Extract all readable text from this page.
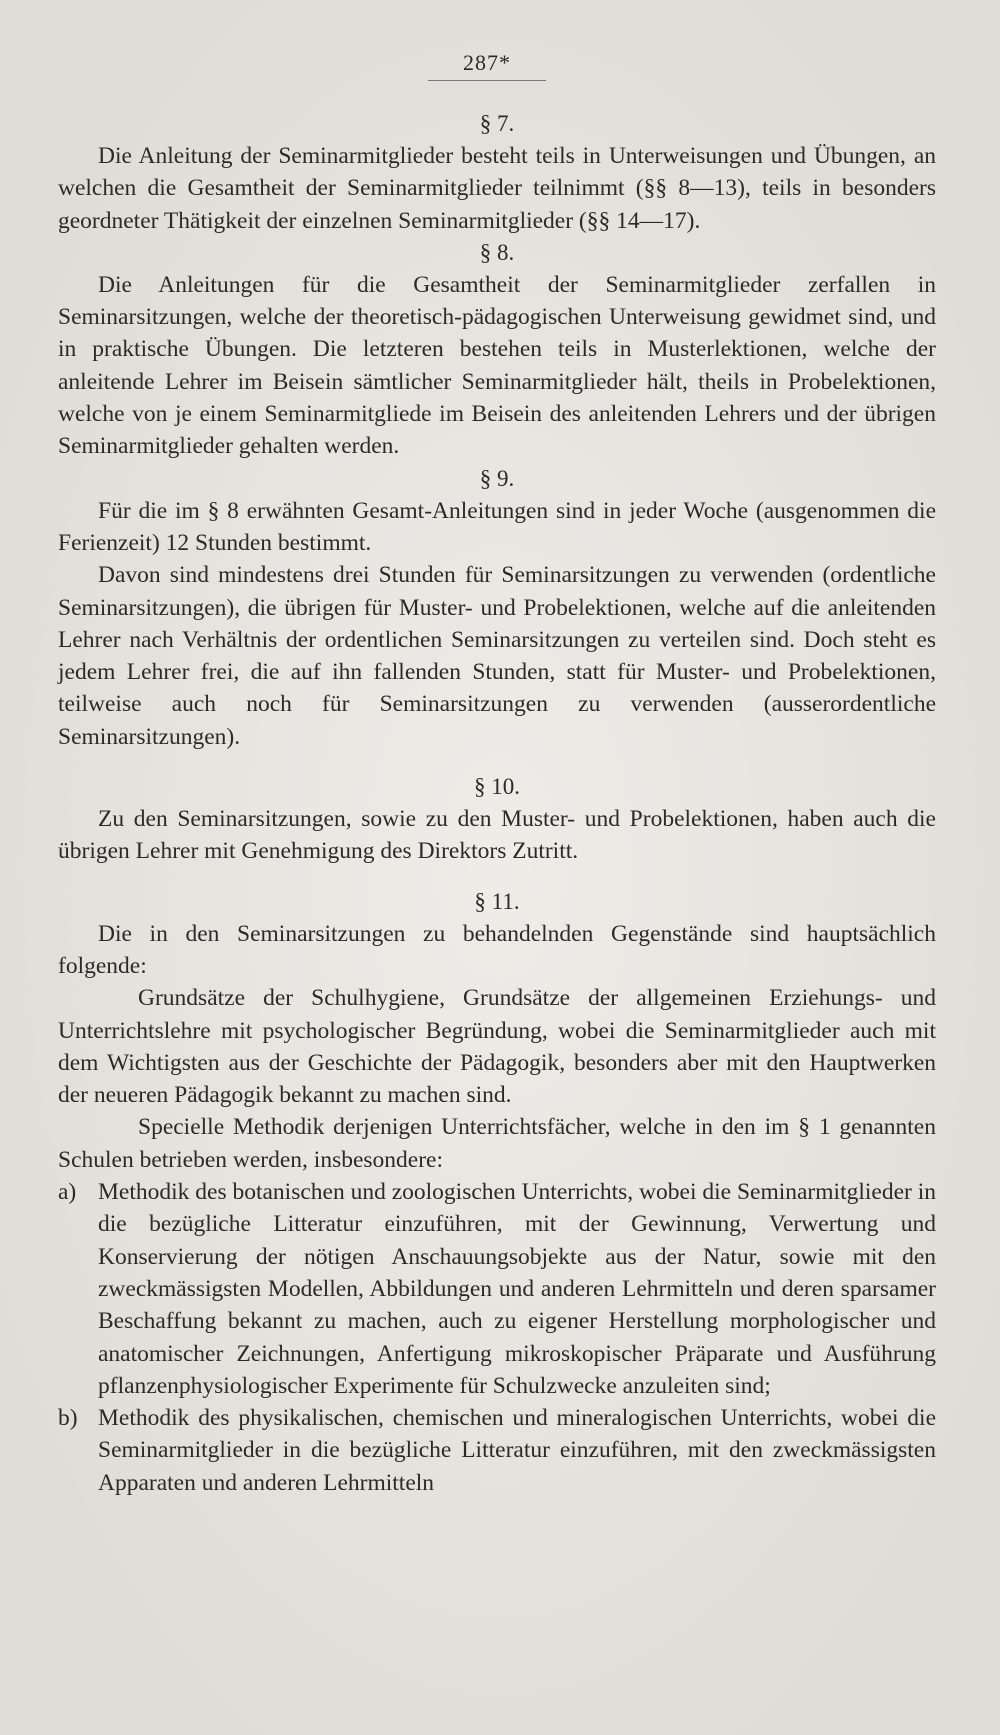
287*

§ 7.

Die Anleitung der Seminarmitglieder besteht teils in Unterweisungen und Übungen, an welchen die Gesamtheit der Seminarmitglieder teilnimmt (§§ 8—13), teils in besonders geordneter Thätigkeit der einzelnen Seminarmitglieder (§§ 14—17).

§ 8.

Die Anleitungen für die Gesamtheit der Seminarmitglieder zerfallen in Seminarsitzungen, welche der theoretisch-pädagogischen Unterweisung gewidmet sind, und in praktische Übungen. Die letzteren bestehen teils in Musterlektionen, welche der anleitende Lehrer im Beisein sämtlicher Seminarmitglieder hält, theils in Probelektionen, welche von je einem Seminarmitgliede im Beisein des anleitenden Lehrers und der übrigen Seminarmitglieder gehalten werden.

§ 9.

Für die im § 8 erwähnten Gesamt-Anleitungen sind in jeder Woche (ausgenommen die Ferienzeit) 12 Stunden bestimmt.

Davon sind mindestens drei Stunden für Seminarsitzungen zu verwenden (ordentliche Seminarsitzungen), die übrigen für Muster- und Probelektionen, welche auf die anleitenden Lehrer nach Verhältnis der ordentlichen Seminarsitzungen zu verteilen sind. Doch steht es jedem Lehrer frei, die auf ihn fallenden Stunden, statt für Muster- und Probelektionen, teilweise auch noch für Seminarsitzungen zu verwenden (ausserordentliche Seminarsitzungen).

§ 10.

Zu den Seminarsitzungen, sowie zu den Muster- und Probelektionen, haben auch die übrigen Lehrer mit Genehmigung des Direktors Zutritt.

§ 11.

Die in den Seminarsitzungen zu behandelnden Gegenstände sind hauptsächlich folgende:

Grundsätze der Schulhygiene, Grundsätze der allgemeinen Erziehungs- und Unterrichtslehre mit psychologischer Begründung, wobei die Seminarmitglieder auch mit dem Wichtigsten aus der Geschichte der Pädagogik, besonders aber mit den Hauptwerken der neueren Pädagogik bekannt zu machen sind.

Specielle Methodik derjenigen Unterrichtsfächer, welche in den im § 1 genannten Schulen betrieben werden, insbesondere:

a) Methodik des botanischen und zoologischen Unterrichts, wobei die Seminarmitglieder in die bezügliche Litteratur einzuführen, mit der Gewinnung, Verwertung und Konservierung der nötigen Anschauungsobjekte aus der Natur, sowie mit den zweckmässigsten Modellen, Abbildungen und anderen Lehrmitteln und deren sparsamer Beschaffung bekannt zu machen, auch zu eigener Herstellung morphologischer und anatomischer Zeichnungen, Anfertigung mikroskopischer Präparate und Ausführung pflanzenphysiologischer Experimente für Schulzwecke anzuleiten sind;

b) Methodik des physikalischen, chemischen und mineralogischen Unterrichts, wobei die Seminarmitglieder in die bezügliche Litteratur einzuführen, mit den zweckmässigsten Apparaten und anderen Lehrmitteln
